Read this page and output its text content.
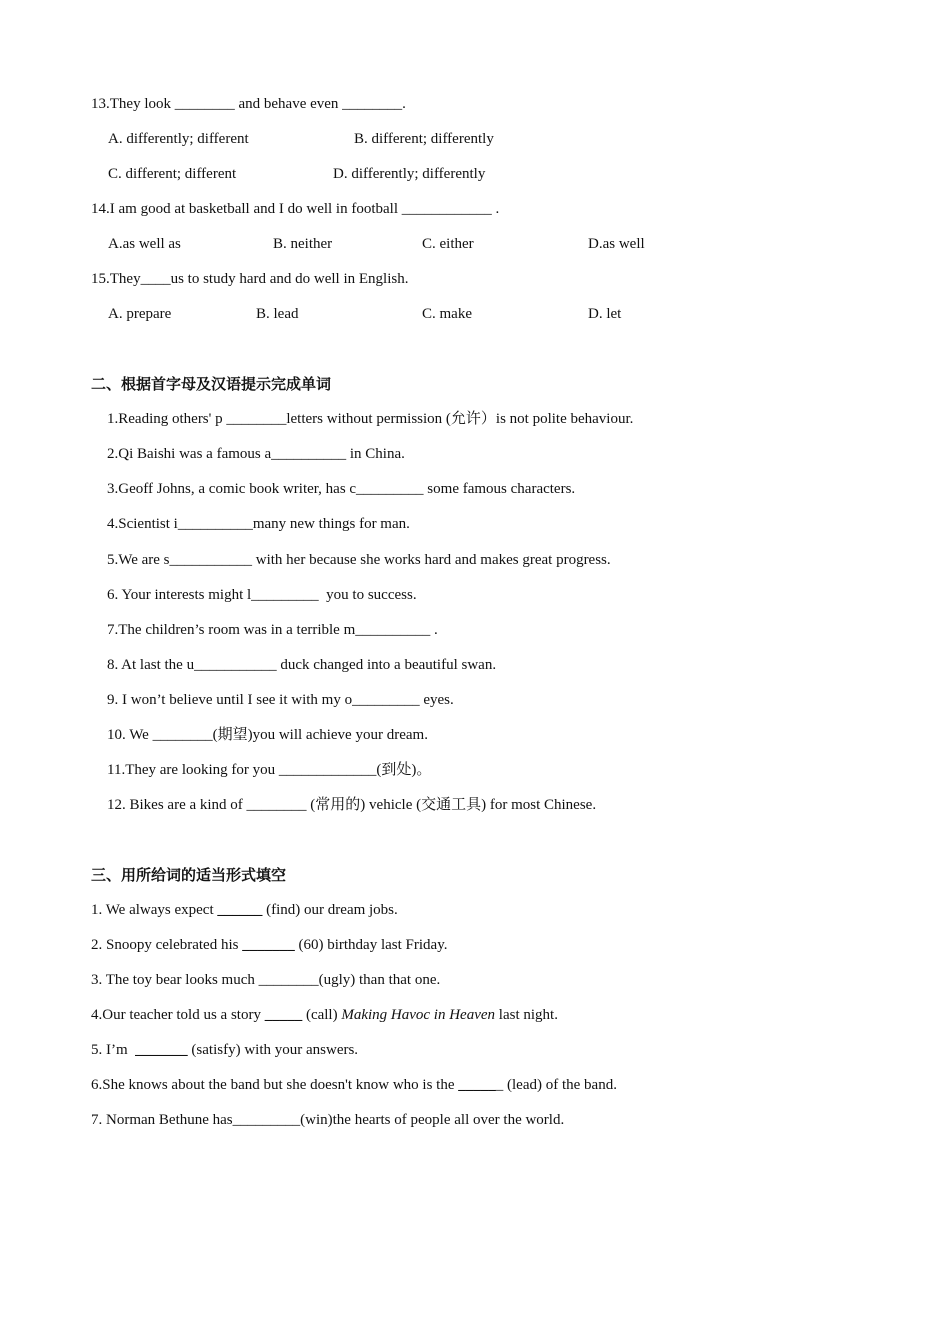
13.They look ________ and behave even ________.
A. differently; different	B. different; differently
C. different; different	D. differently; differently
14.I am good at basketball and I do well in football ____________ .
A.as well as	B. neither	C. either	D.as well
15.They____us to study hard and do well in English.
A. prepare	B. lead	C. make	D. let
二、根据首字母及汉语提示完成单词
1.Reading others' p ________letters without permission (允许）is not polite behaviour.
2.Qi Baishi was a famous a__________ in China.
3.Geoff Johns, a comic book writer, has c_________ some famous characters.
4.Scientist i__________many new things for man.
5.We are s___________ with her because she works hard and makes great progress.
6. Your interests might l_________  you to success.
7.The children’s room was in a terrible m__________ .
8. At last the u___________ duck changed into a beautiful swan.
9. I won’t believe until I see it with my o_________ eyes.
10. We ________(期望)you will achieve your dream.
11.They are looking for you _____________(到处)。
12. Bikes are a kind of ________ (常用的) vehicle (交通工具) for most Chinese.
三、用所给词的适当形式填空
1. We always expect ______ (find) our dream jobs.
2. Snoopy celebrated his _______ (60) birthday last Friday.
3. The toy bear looks much ________(ugly) than that one.
4.Our teacher told us a story _____ (call) Making Havoc in Heaven last night.
5. I’m  _______ (satisfy) with your answers.
6.She knows about the band but she doesn't know who is the ______ (lead) of the band.
7. Norman Bethune has_________(win)the hearts of people all over the world.
